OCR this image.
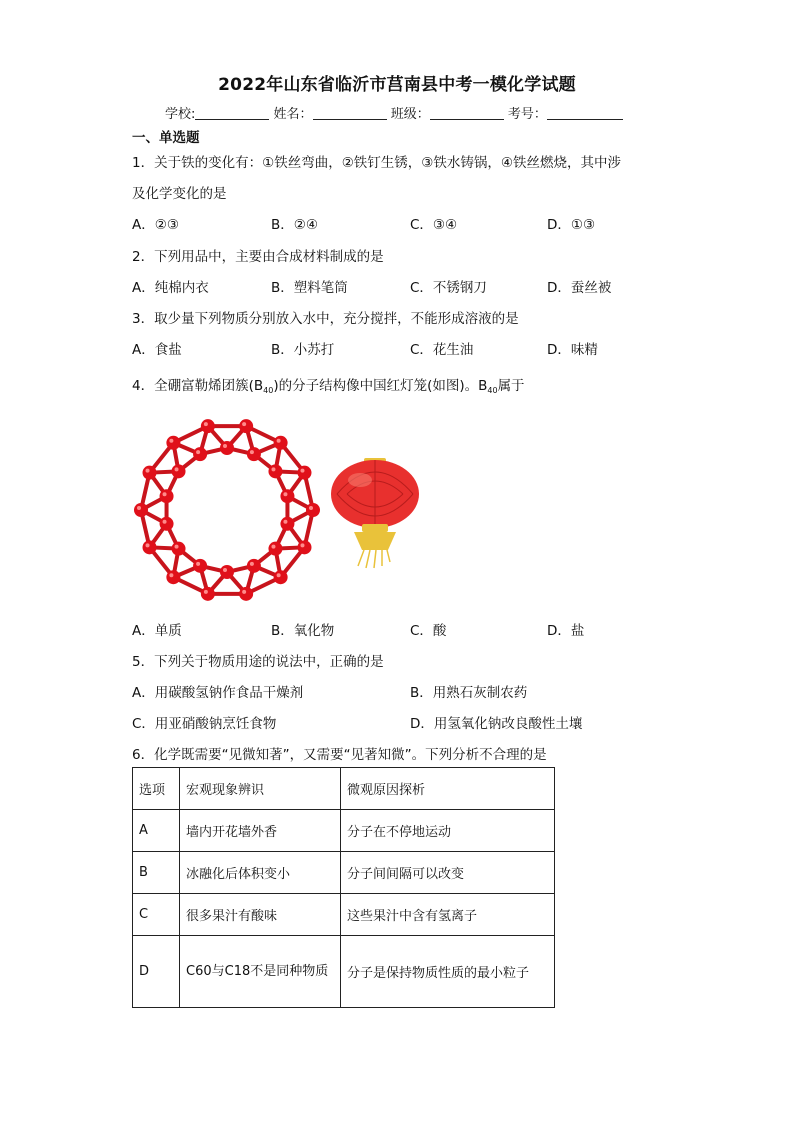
2022年山东省临沂市莒南县中考一模化学试题
学校:	姓名：	班级：	考号：
一、单选题
1．关于铁的变化有：①铁丝弯曲，②铁钉生锈，③铁水铸锅，④铁丝燃烧，其中涉
及化学变化的是
A．②③	B．②④	C．③④	D．①③
2．下列用品中，主要由合成材料制成的是
A．纯棉内衣	B．塑料笔筒	C．不锈钢刀	D．蚕丝被
3．取少量下列物质分别放入水中，充分搅拌，不能形成溶液的是
A．食盐	B．小苏打	C．花生油	D．味精
4．全硼富勒烯团簇$(B_{40})$的分子结构像中国红灯笼(如图)。$B_{40}$属于
A．单质	B．氧化物	C．酸	D．盐
5．下列关于物质用途的说法中，正确的是
A．用碳酸氢钠作食品干燥剂	B．用熟石灰制农药
C．用亚硝酸钠烹饪食物	D．用氢氧化钠改良酸性土壤
6．化学既需要“见微知著”，又需要“见著知微”。下列分析不合理的是
选项	宏观现象辨识	微观原因探析
A	墙内开花墙外香	分子在不停地运动
B	冰融化后体积变小	分子间间隔可以改变
C	很多果汁有酸味	这些果汁中含有氢离子
D	C60与C18不是同种物质	分子是保持物质性质的最小粒子
